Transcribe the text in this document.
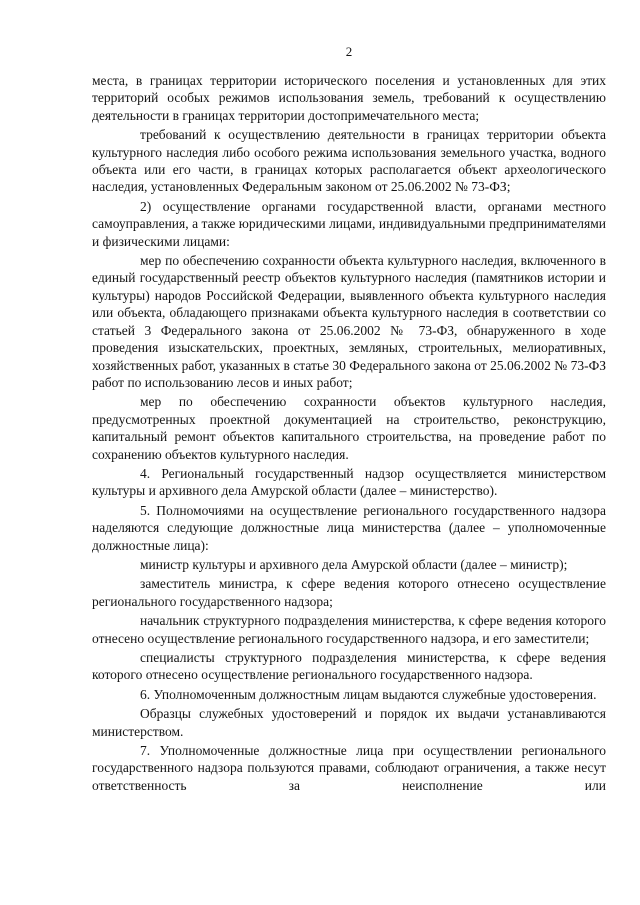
2

места, в границах территории исторического поселения и установленных для этих территорий особых режимов использования земель, требований к осуществлению деятельности в границах территории достопримечательного места;

требований к осуществлению деятельности в границах территории объекта культурного наследия либо особого режима использования земельного участка, водного объекта или его части, в границах которых располагается объект археологического наследия, установленных Федеральным законом от 25.06.2002 № 73-ФЗ;

2) осуществление органами государственной власти, органами местного самоуправления, а также юридическими лицами, индивидуальными предпринимателями и физическими лицами:

мер по обеспечению сохранности объекта культурного наследия, включенного в единый государственный реестр объектов культурного наследия (памятников истории и культуры) народов Российской Федерации, выявленного объекта культурного наследия или объекта, обладающего признаками объекта культурного наследия в соответствии со статьей 3 Федерального закона от 25.06.2002 № 73-ФЗ, обнаруженного в ходе проведения изыскательских, проектных, земляных, строительных, мелиоративных, хозяйственных работ, указанных в статье 30 Федерального закона от 25.06.2002 № 73-ФЗ работ по использованию лесов и иных работ;

мер по обеспечению сохранности объектов культурного наследия, предусмотренных проектной документацией на строительство, реконструкцию, капитальный ремонт объектов капитального строительства, на проведение работ по сохранению объектов культурного наследия.

4. Региональный государственный надзор осуществляется министерством культуры и архивного дела Амурской области (далее – министерство).

5. Полномочиями на осуществление регионального государственного надзора наделяются следующие должностные лица министерства (далее – уполномоченные должностные лица):

министр культуры и архивного дела Амурской области (далее – министр);

заместитель министра, к сфере ведения которого отнесено осуществление регионального государственного надзора;

начальник структурного подразделения министерства, к сфере ведения которого отнесено осуществление регионального государственного надзора, и его заместители;

специалисты структурного подразделения министерства, к сфере ведения которого отнесено осуществление регионального государственного надзора.

6. Уполномоченным должностным лицам выдаются служебные удостоверения.

Образцы служебных удостоверений и порядок их выдачи устанавливаются министерством.

7. Уполномоченные должностные лица при осуществлении регионального государственного надзора пользуются правами, соблюдают ограничения, а также несут ответственность за неисполнение или
